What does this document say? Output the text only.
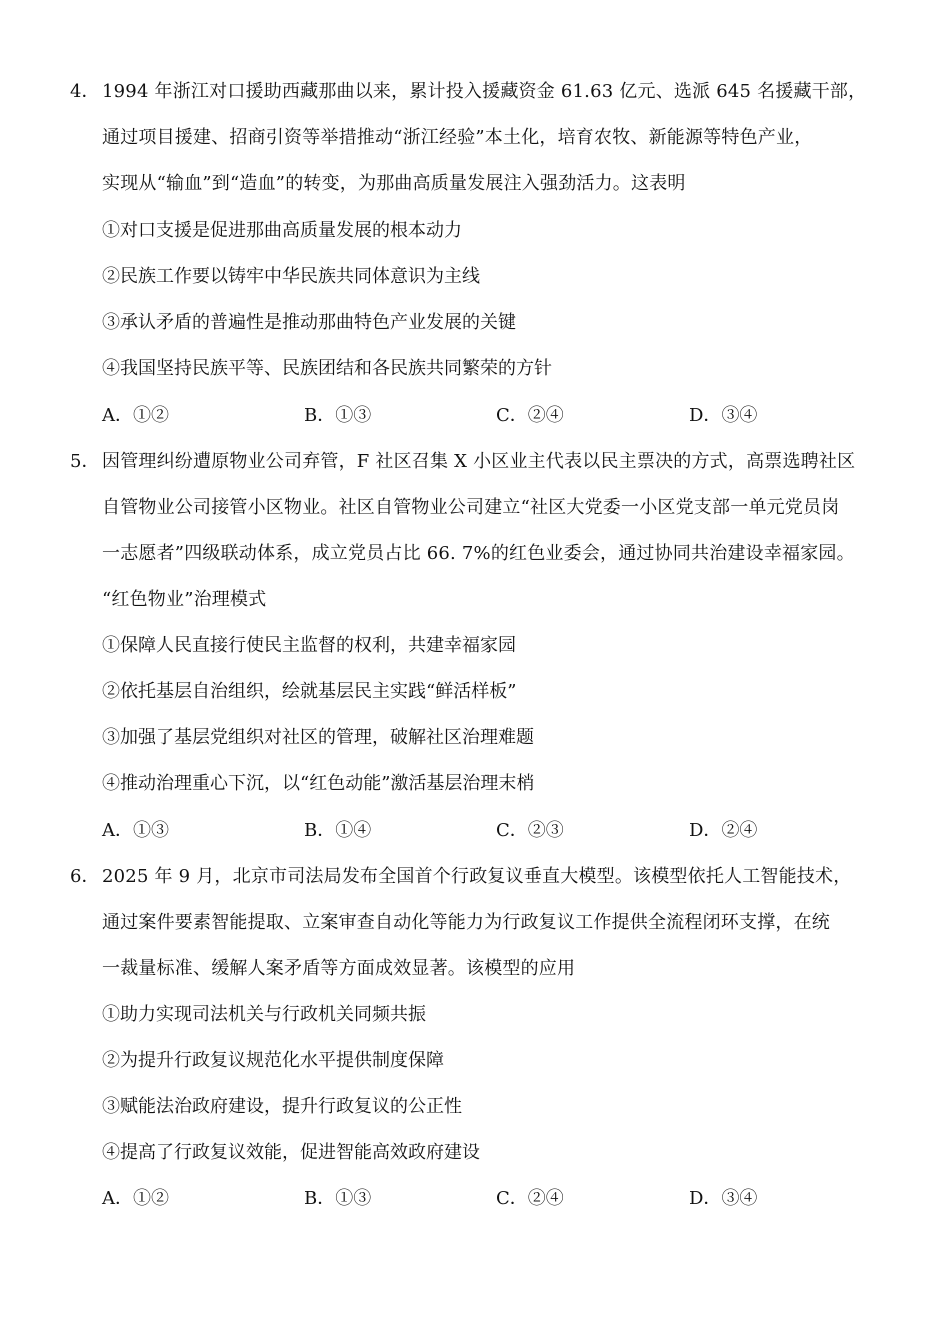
4． 1994 年浙江对口援助西藏那曲以来，累计投入援藏资金 61.63 亿元、选派 645 名援藏干部，
通过项目援建、招商引资等举措推动“浙江经验”本土化，培育农牧、新能源等特色产业，
实现从“输血”到“造血”的转变，为那曲高质量发展注入强劲活力。这表明
①对口支援是促进那曲高质量发展的根本动力
②民族工作要以铸牢中华民族共同体意识为主线
③承认矛盾的普遍性是推动那曲特色产业发展的关键
④我国坚持民族平等、民族团结和各民族共同繁荣的方针
A．①②	B．①③	C．②④	D．③④
5． 因管理纠纷遭原物业公司弃管，F 社区召集 X 小区业主代表以民主票决的方式，高票选聘社区
自管物业公司接管小区物业。社区自管物业公司建立“社区大党委一小区党支部一单元党员岗
一志愿者”四级联动体系，成立党员占比 66. 7%的红色业委会，通过协同共治建设幸福家园。
“红色物业”治理模式
①保障人民直接行使民主监督的权利，共建幸福家园
②依托基层自治组织，绘就基层民主实践“鲜活样板”
③加强了基层党组织对社区的管理，破解社区治理难题
④推动治理重心下沉，以“红色动能”激活基层治理末梢
A．①③	B．①④	C．②③	D．②④
6． 2025 年 9 月，北京市司法局发布全国首个行政复议垂直大模型。该模型依托人工智能技术，
通过案件要素智能提取、立案审查自动化等能力为行政复议工作提供全流程闭环支撑，在统
一裁量标准、缓解人案矛盾等方面成效显著。该模型的应用
①助力实现司法机关与行政机关同频共振
②为提升行政复议规范化水平提供制度保障
③赋能法治政府建设，提升行政复议的公正性
④提高了行政复议效能，促进智能高效政府建设
A．①②	B．①③	C．②④	D．③④
